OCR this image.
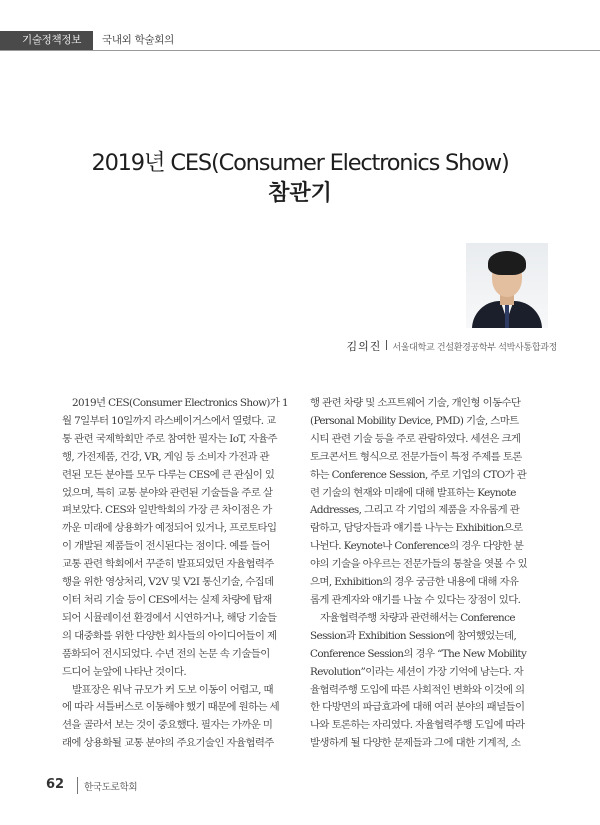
기술정책정보	국내외 학술회의
2019년 CES(Consumer Electronics Show)
참관기
김의진 서울대학교 건설환경공학부 석박사통합과정
2019년 CES(Consumer Electronics Show)가 1
월 7일부터 10일까지 라스베이거스에서 열렸다. 교
통 관련 국제학회만 주로 참여한 필자는 IoT, 자율주
행, 가전제품, 건강, VR, 게임 등 소비자 가전과 관
련된 모든 분야를 모두 다루는 CES에 큰 관심이 있
었으며, 특히 교통 분야와 관련된 기술들을 주로 살
펴보았다. CES와 일반학회의 가장 큰 차이점은 가
까운 미래에 상용화가 예정되어 있거나, 프로토타입
이 개발된 제품들이 전시된다는 점이다. 예를 들어
교통 관련 학회에서 꾸준히 발표되었던 자율협력주
행을 위한 영상처리, V2V 및 V2I 통신기술, 수집데
이터 처리 기술 등이 CES에서는 실제 차량에 탑재
되어 시뮬레이션 환경에서 시연하거나, 해당 기술들
의 대중화를 위한 다양한 회사들의 아이디어들이 제
품화되어 전시되었다. 수년 전의 논문 속 기술들이
드디어 눈앞에 나타난 것이다.
발표장은 워낙 규모가 커 도보 이동이 어렵고, 때
에 따라 셔틀버스로 이동해야 했기 때문에 원하는 세
션을 골라서 보는 것이 중요했다. 필자는 가까운 미
래에 상용화될 교통 분야의 주요기술인 자율협력주
행 관련 차량 및 소프트웨어 기술, 개인형 이동수단
(Personal Mobility Device, PMD) 기술, 스마트
시티 관련 기술 등을 주로 관람하였다. 세션은 크게
토크콘서트 형식으로 전문가들이 특정 주제를 토론
하는 Conference Session, 주로 기업의 CTO가 관
련 기술의 현재와 미래에 대해 발표하는 Keynote
Addresses, 그리고 각 기업의 제품을 자유롭게 관
람하고, 담당자들과 얘기를 나누는 Exhibition으로
나뉜다. Keynote나 Conference의 경우 다양한 분
야의 기술을 아우르는 전문가들의 통찰을 엿볼 수 있
으며, Exhibition의 경우 궁금한 내용에 대해 자유
롭게 관계자와 얘기를 나눌 수 있다는 장점이 있다.
자율협력주행 차량과 관련해서는 Conference
Session과 Exhibition Session에 참여했었는데,
Conference Session의 경우 “The New Mobility
Revolution”이라는 세션이 가장 기억에 남는다. 자
율협력주행 도입에 따른 사회적인 변화와 이것에 의
한 다방면의 파급효과에 대해 여러 분야의 패널들이
나와 토론하는 자리였다. 자율협력주행 도입에 따라
발생하게 될 다양한 문제들과 그에 대한 기계적, 소
62 한국도로학회
